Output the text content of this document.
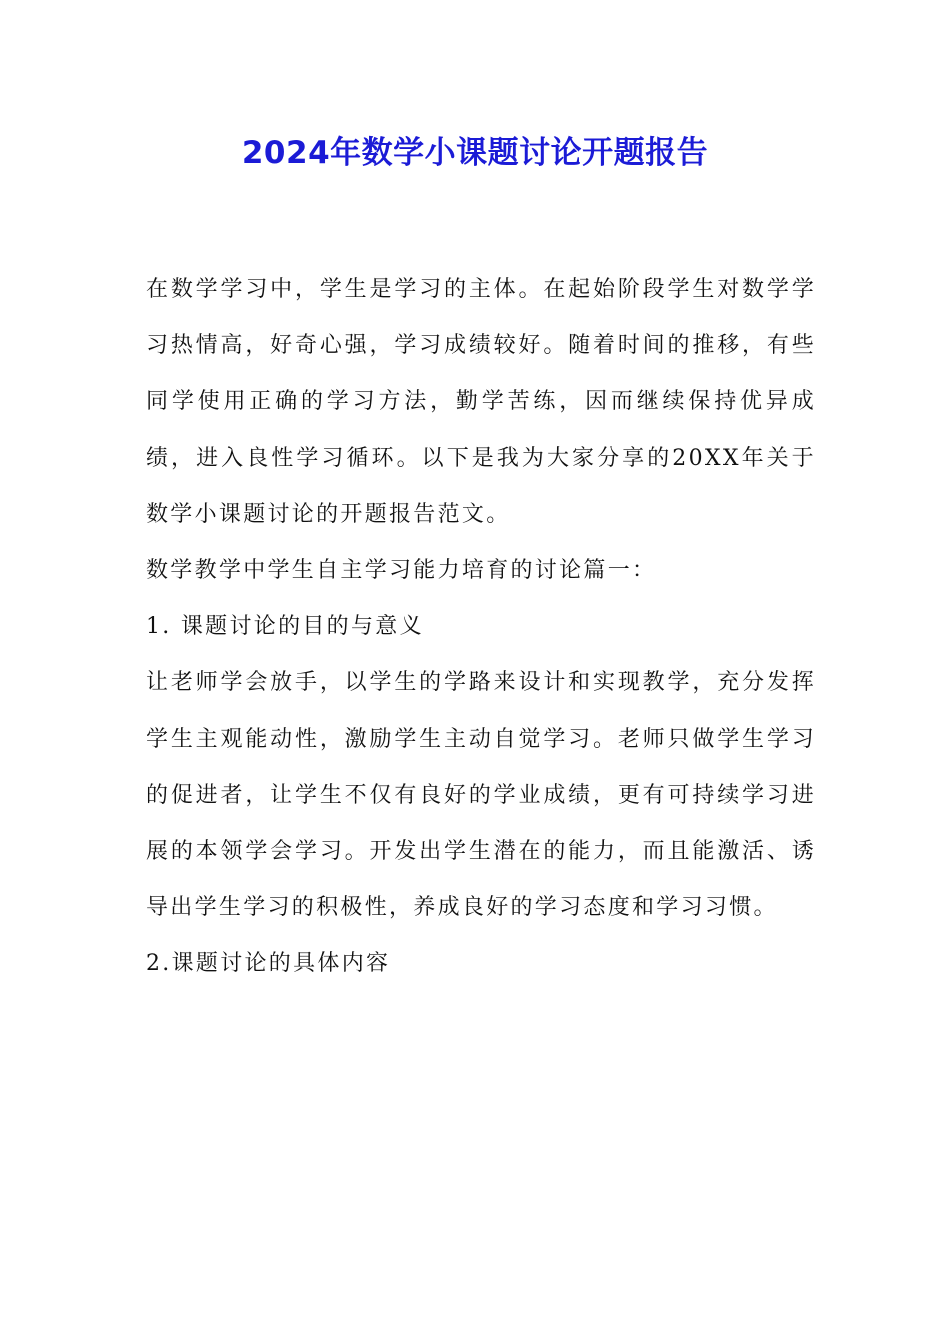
2024年数学小课题讨论开题报告

在数学学习中，学生是学习的主体。在起始阶段学生对数学学习热情高，好奇心强，学习成绩较好。随着时间的推移，有些同学使用正确的学习方法，勤学苦练，因而继续保持优异成绩，进入良性学习循环。以下是我为大家分享的20XX年关于数学小课题讨论的开题报告范文。

数学教学中学生自主学习能力培育的讨论篇一：

1. 课题讨论的目的与意义

让老师学会放手，以学生的学路来设计和实现教学，充分发挥学生主观能动性，激励学生主动自觉学习。老师只做学生学习的促进者，让学生不仅有良好的学业成绩，更有可持续学习进展的本领学会学习。开发出学生潜在的能力，而且能激活、诱导出学生学习的积极性，养成良好的学习态度和学习习惯。

2.课题讨论的具体内容
